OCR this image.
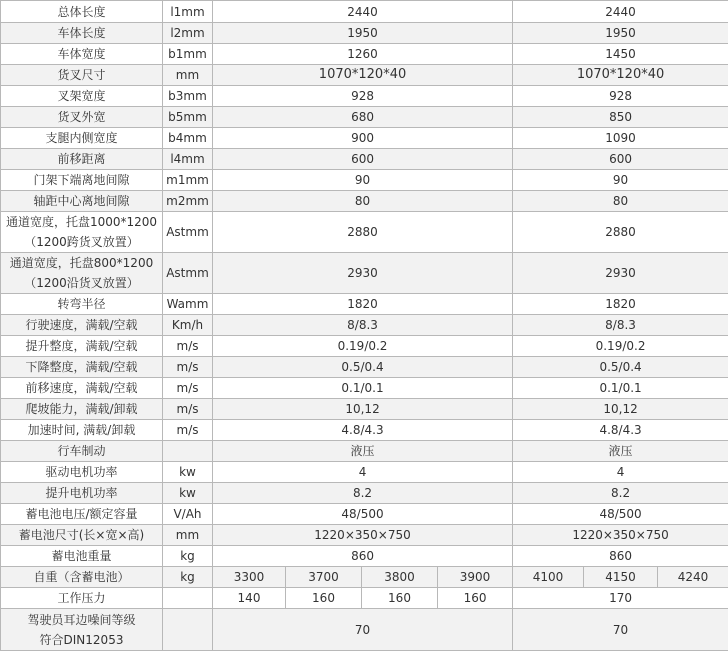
总体长度	l1mm	2440				2440		
车体长度	l2mm	1950				1950		
车体宽度	b1mm	1260				1450		
货叉尺寸	mm	1070*120*40				1070*120*40		
叉架宽度	b3mm	928				928		
货叉外宽	b5mm	680				850		
支腿内侧宽度	b4mm	900				1090		
前移距离	l4mm	600				600		
门架下端离地间隙	m1mm	90				90		
轴距中心离地间隙	m2mm	80				80		

通道宽度，托盘1000*1200
（1200跨货叉放置）	Astmm	2880				2880		

通道宽度，托盘800*1200
（1200沿货叉放置）	Astmm	2930				2930		
转弯半径	Wamm	1820				1820		
行驶速度，满载/空载	Km/h	8/8.3				8/8.3		
提升整度，满载/空载	m/s	0.19/0.2				0.19/0.2		
下降整度，满载/空载	m/s	0.5/0.4				0.5/0.4		
前移速度，满载/空载	m/s	0.1/0.1				0.1/0.1		
爬坡能力，满载/卸载	m/s	10,12				10,12		
加速时间, 满载/卸载	m/s	4.8/4.3				4.8/4.3		
行车制动		液压				液压		
驱动电机功率	kw	4				4		
提升电机功率	kw	8.2				8.2		
蓄电池电压/额定容量	V/Ah	48/500				48/500		
蓄电池尺寸(长×宽×高)	mm	1220×350×750				1220×350×750		
蓄电池重量	kg	860				860		
自重（含蓄电池）	kg	3300	3700	3800	3900	4100	4150	4240
工作压力		140	160	160	160	170		

驾驶员耳边噪间等级
符合DIN12053		70				70		
